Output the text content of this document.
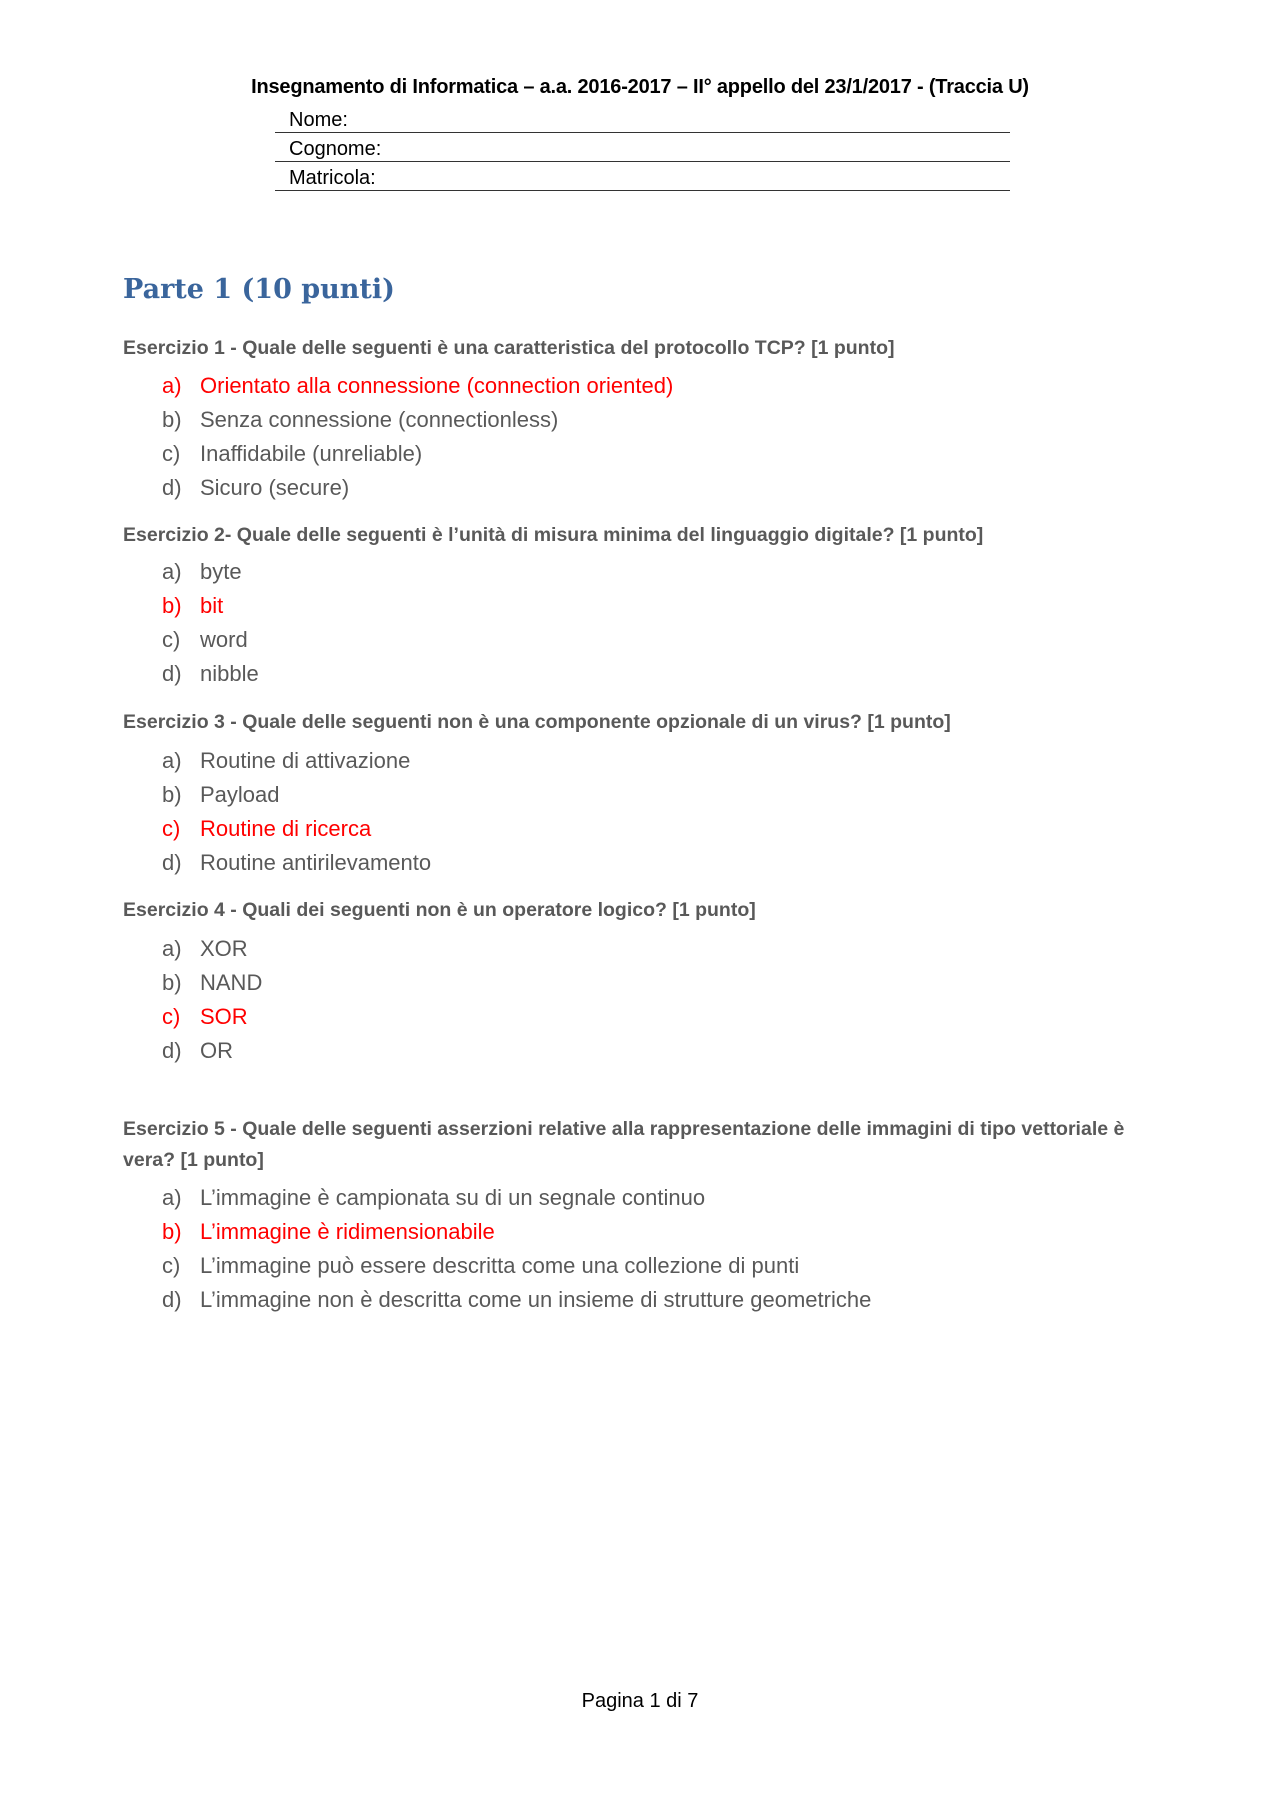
Insegnamento di Informatica – a.a. 2016-2017 – II° appello del 23/1/2017 - (Traccia U)
Nome:
Cognome:
Matricola:
Parte 1 (10 punti)
Esercizio 1 - Quale delle seguenti è una caratteristica del protocollo TCP? [1 punto]
a) Orientato alla connessione (connection oriented)
b) Senza connessione (connectionless)
c) Inaffidabile (unreliable)
d) Sicuro (secure)
Esercizio 2- Quale delle seguenti è l’unità di misura minima del linguaggio digitale? [1 punto]
a) byte
b) bit
c) word
d) nibble
Esercizio 3 - Quale delle seguenti non è una componente opzionale di un virus? [1 punto]
a) Routine di attivazione
b) Payload
c) Routine di ricerca
d) Routine antirilevamento
Esercizio 4 - Quali dei seguenti non è un operatore logico? [1 punto]
a) XOR
b) NAND
c) SOR
d) OR
Esercizio 5 - Quale delle seguenti asserzioni relative alla rappresentazione delle immagini di tipo vettoriale è vera? [1 punto]
a) L’immagine è campionata su di un segnale continuo
b) L’immagine è ridimensionabile
c) L’immagine può essere descritta come una collezione di punti
d) L’immagine non è descritta come un insieme di strutture geometriche
Pagina 1 di 7
